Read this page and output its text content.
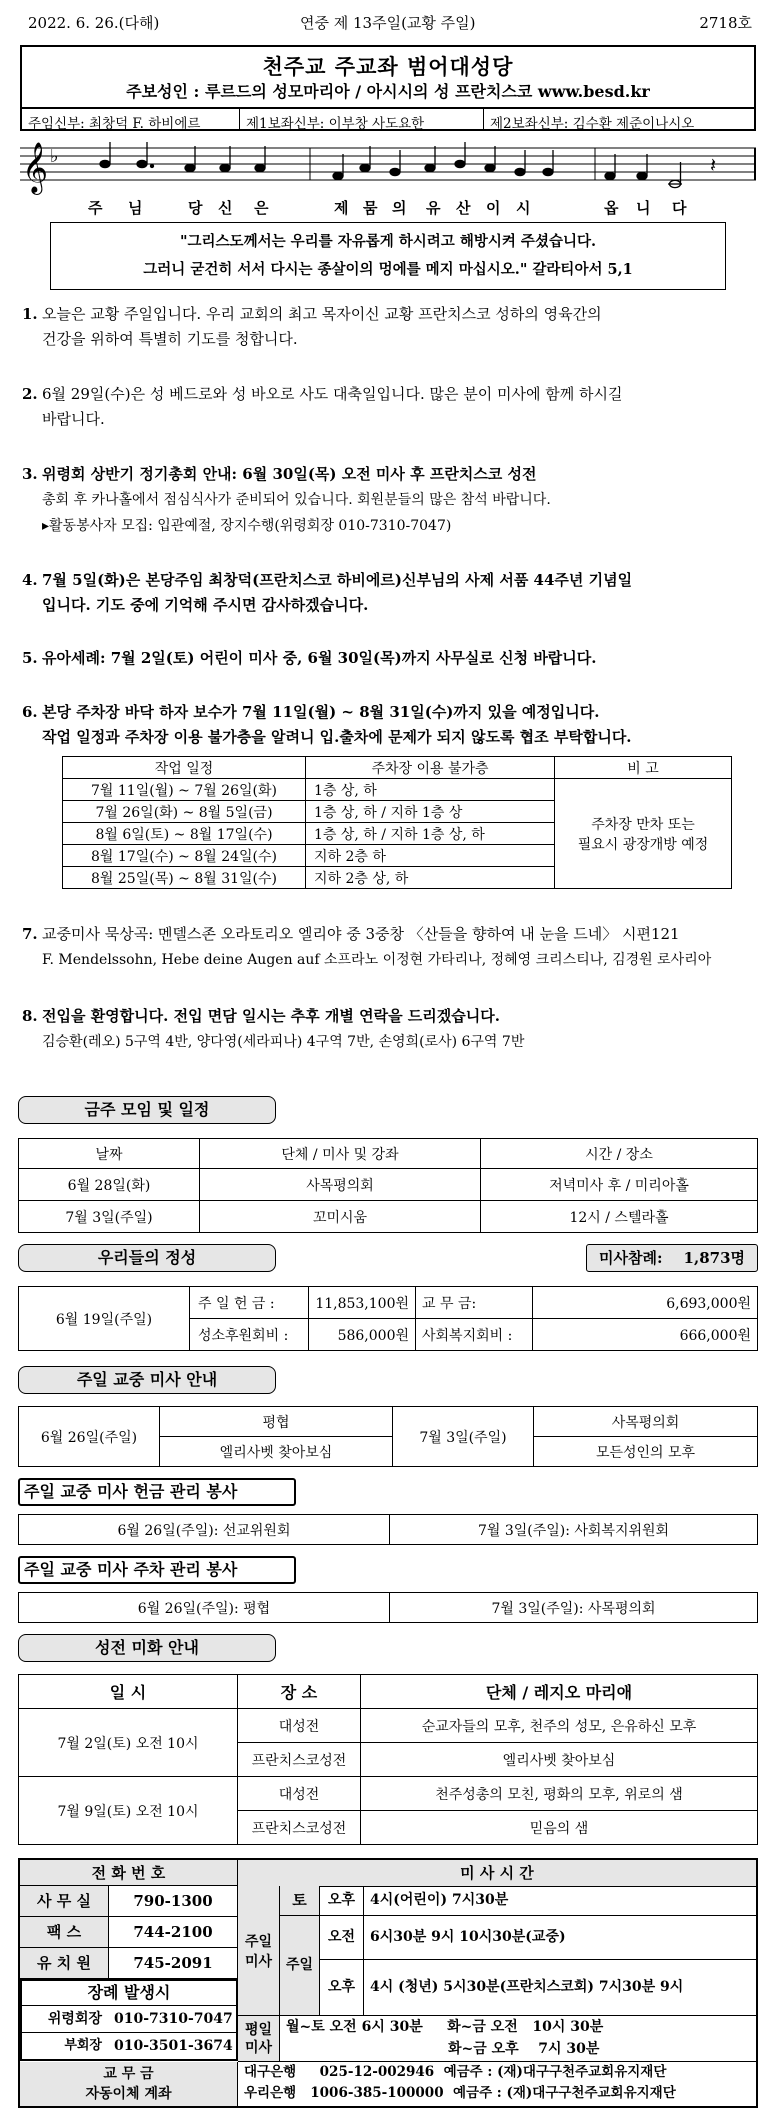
2022. 6. 26.(다해)	연중 제 13주일(교황 주일)	2718호
천주교 주교좌 범어대성당
주보성인 : 루르드의 성모마리아 / 아시시의 성 프란치스코 www.besd.kr
주임신부: 최창덕 F. 하비에르	제1보좌신부: 이부창 사도요한	제2보좌신부: 김수환 제준이나시오
𝄞 ♭	𝄽
주 님	당 신 은	제 뭄 의 유 산 이 시	옵 니 다
"그리스도께서는 우리를 자유롭게 하시려고 해방시켜 주셨습니다.
그러니 굳건히 서서 다시는 종살이의 멍에를 메지 마십시오." 갈라티아서 5,1
1. 오늘은 교황 주일입니다. 우리 교회의 최고 목자이신 교황 프란치스코 성하의 영육간의
건강을 위하여 특별히 기도를 청합니다.
2. 6월 29일(수)은 성 베드로와 성 바오로 사도 대축일입니다. 많은 분이 미사에 함께 하시길
바랍니다.
3. 위령회 상반기 정기총회 안내: 6월 30일(목) 오전 미사 후 프란치스코 성전
총회 후 카나홀에서 점심식사가 준비되어 있습니다. 회원분들의 많은 참석 바랍니다.
▸활동봉사자 모집: 입관예절, 장지수행(위령회장 010-7310-7047)
4. 7월 5일(화)은 본당주임 최창덕(프란치스코 하비에르)신부님의 사제 서품 44주년 기념일
입니다. 기도 중에 기억해 주시면 감사하겠습니다.
5. 유아세례: 7월 2일(토) 어린이 미사 중, 6월 30일(목)까지 사무실로 신청 바랍니다.
6. 본당 주차장 바닥 하자 보수가 7월 11일(월) ~ 8월 31일(수)까지 있을 예정입니다.
작업 일정과 주차장 이용 불가층을 알려니 입.출차에 문제가 되지 않도록 협조 부탁합니다.
작업 일정	주차장 이용 불가층	비 고
7월 11일(월) ~ 7월 26일(화)	1층 상, 하	주차장 만차 또는
필요시 광장개방 예정

7월 26일(화) ~ 8월 5일(금)	1층 상, 하 / 지하 1층 상	
8월 6일(토) ~ 8월 17일(수)	1층 상, 하 / 지하 1층 상, 하	
8월 17일(수) ~ 8월 24일(수)	지하 2층 하	
8월 25일(목) ~ 8월 31일(수)	지하 2층 상, 하	
7. 교중미사 묵상곡: 멘델스존 오라토리오 엘리야 중 3중창 〈산들을 향하여 내 눈을 드네〉 시편121
F. Mendelssohn, Hebe deine Augen auf 소프라노 이정현 가타리나, 정혜영 크리스티나, 김경원 로사리아
8. 전입을 환영합니다. 전입 면담 일시는 추후 개별 연락을 드리겠습니다.
김승환(레오) 5구역 4반, 양다영(세라피나) 4구역 7반, 손영희(로사) 6구역 7반
금주 모임 및 일정
날짜	단체 / 미사 및 강좌	시간 / 장소
6월 28일(화)	사목평의회	저녁미사 후 / 미리아홀
7월 3일(주일)	꼬미시움	12시 / 스텔라홀
우리들의 정성	미사참례: 1,873명
6월 19일(주일)	주 일 헌 금 :	11,853,100원	교 무 금:	6,693,000원
	성소후원회비 :	586,000원	사회복지회비 :	666,000원
주일 교중 미사 안내
6월 26일(주일)	평협	7월 3일(주일)	사목평의회
	엘리사벳 찾아보심		모든성인의 모후
주일 교중 미사 헌금 관리 봉사
6월 26일(주일): 선교위원회	7월 3일(주일): 사회복지위원회
주일 교중 미사 주차 관리 봉사
6월 26일(주일): 평협	7월 3일(주일): 사목평의회
성전 미화 안내
일 시	장 소	단체 / 레지오 마리애
7월 2일(토) 오전 10시	대성전	순교자들의 모후, 천주의 성모, 은유하신 모후
	프란치스코성전	엘리사벳 찾아보심
7월 9일(토) 오전 10시	대성전	천주성총의 모친, 평화의 모후, 위로의 샘
	프란치스코성전	믿음의 샘
전 화 번 호
사 무 실	790-1300
팩 스	744-2100
유 치 원	745-2091
장례 발생시
위령회장 010-7310-7047
부회장 010-3501-3674
미 사 시 간
주일
미사
토	오후	4시(어린이) 7시30분
주일
오전	6시30분 9시 10시30분(교중)
오후	4시 (청년) 5시30분(프란치스코회) 7시30분 9시
평일
미사
월~토 오전 6시 30분     화~금 오전   10시 30분
화~금 오후    7시 30분
교 무 금
자동이체 계좌
대구은행     025-12-002946  예금주 : (재)대구구천주교회유지재단
우리은행   1006-385-100000  예금주 : (재)대구구천주교회유지재단
